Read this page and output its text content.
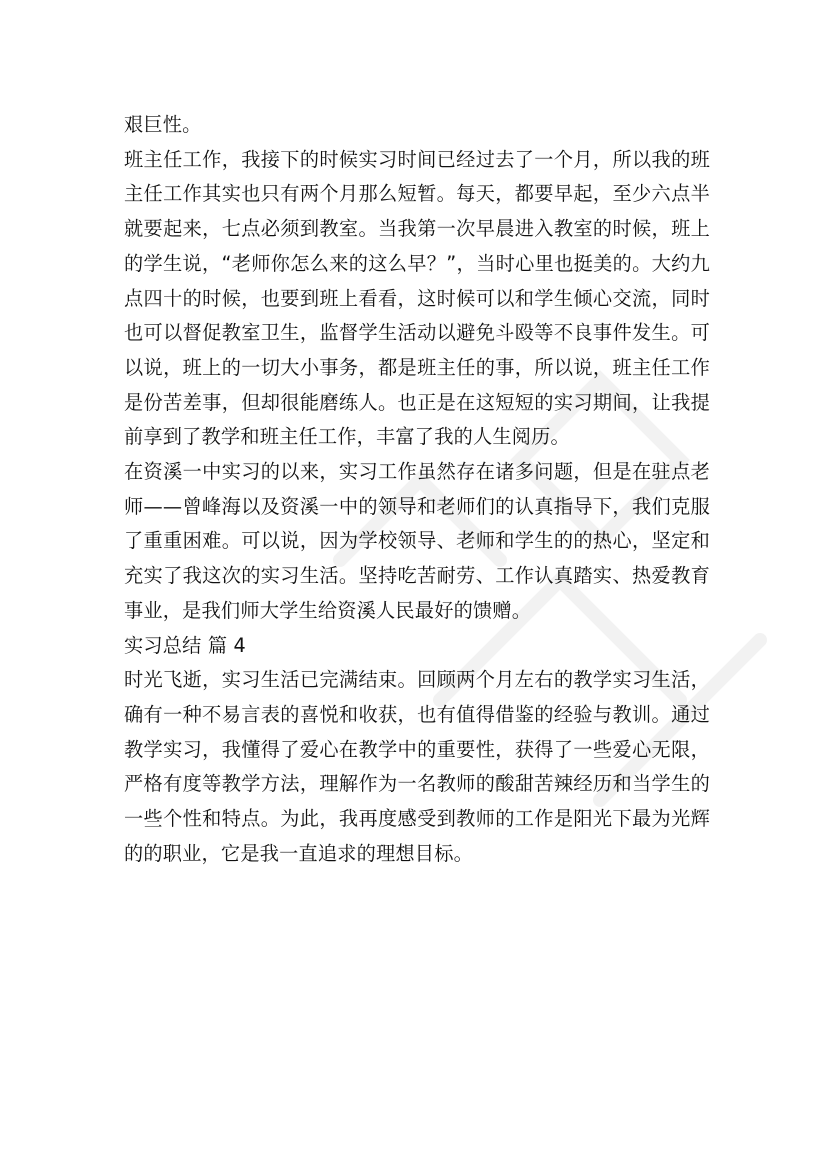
艰巨性。

班主任工作，我接下的时候实习时间已经过去了一个月，所以我的班主任工作其实也只有两个月那么短暂。每天，都要早起，至少六点半就要起来，七点必须到教室。当我第一次早晨进入教室的时候，班上的学生说，“老师你怎么来的这么早？”，当时心里也挺美的。大约九点四十的时候，也要到班上看看，这时候可以和学生倾心交流，同时也可以督促教室卫生，监督学生活动以避免斗殴等不良事件发生。可以说，班上的一切大小事务，都是班主任的事，所以说，班主任工作是份苦差事，但却很能磨练人。也正是在这短短的实习期间，让我提前享到了教学和班主任工作，丰富了我的人生阅历。

在资溪一中实习的以来，实习工作虽然存在诸多问题，但是在驻点老师——曾峰海以及资溪一中的领导和老师们的认真指导下，我们克服了重重困难。可以说，因为学校领导、老师和学生的的热心，坚定和充实了我这次的实习生活。坚持吃苦耐劳、工作认真踏实、热爱教育事业，是我们师大学生给资溪人民最好的馈赠。

实习总结 篇 4

时光飞逝，实习生活已完满结束。回顾两个月左右的教学实习生活，确有一种不易言表的喜悦和收获，也有值得借鉴的经验与教训。通过教学实习，我懂得了爱心在教学中的重要性，获得了一些爱心无限，严格有度等教学方法，理解作为一名教师的酸甜苦辣经历和当学生的一些个性和特点。为此，我再度感受到教师的工作是阳光下最为光辉的的职业，它是我一直追求的理想目标。
